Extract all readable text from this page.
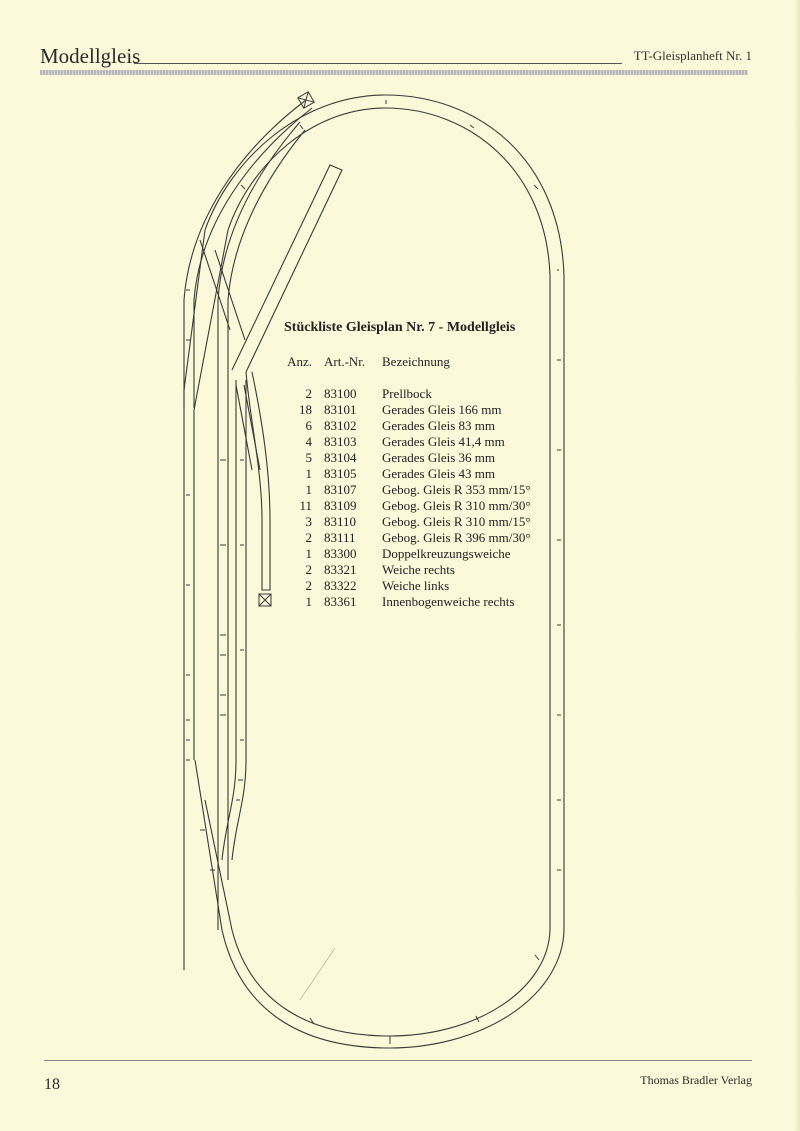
Modellgleis	TT-Gleisplanheft Nr. 1
Stückliste Gleisplan Nr. 7 - Modellgleis
Anz.	Art.-Nr.	Bezeichnung
2	83100	Prellbock
18	83101	Gerades Gleis 166 mm
6	83102	Gerades Gleis 83 mm
4	83103	Gerades Gleis 41,4 mm
5	83104	Gerades Gleis 36 mm
1	83105	Gerades Gleis 43 mm
1	83107	Gebog. Gleis R 353 mm/15°
11	83109	Gebog. Gleis R 310 mm/30°
3	83110	Gebog. Gleis R 310 mm/15°
2	83111	Gebog. Gleis R 396 mm/30°
1	83300	Doppelkreuzungsweiche
2	83321	Weiche rechts
2	83322	Weiche links
1	83361	Innenbogenweiche rechts
18	Thomas Bradler Verlag
